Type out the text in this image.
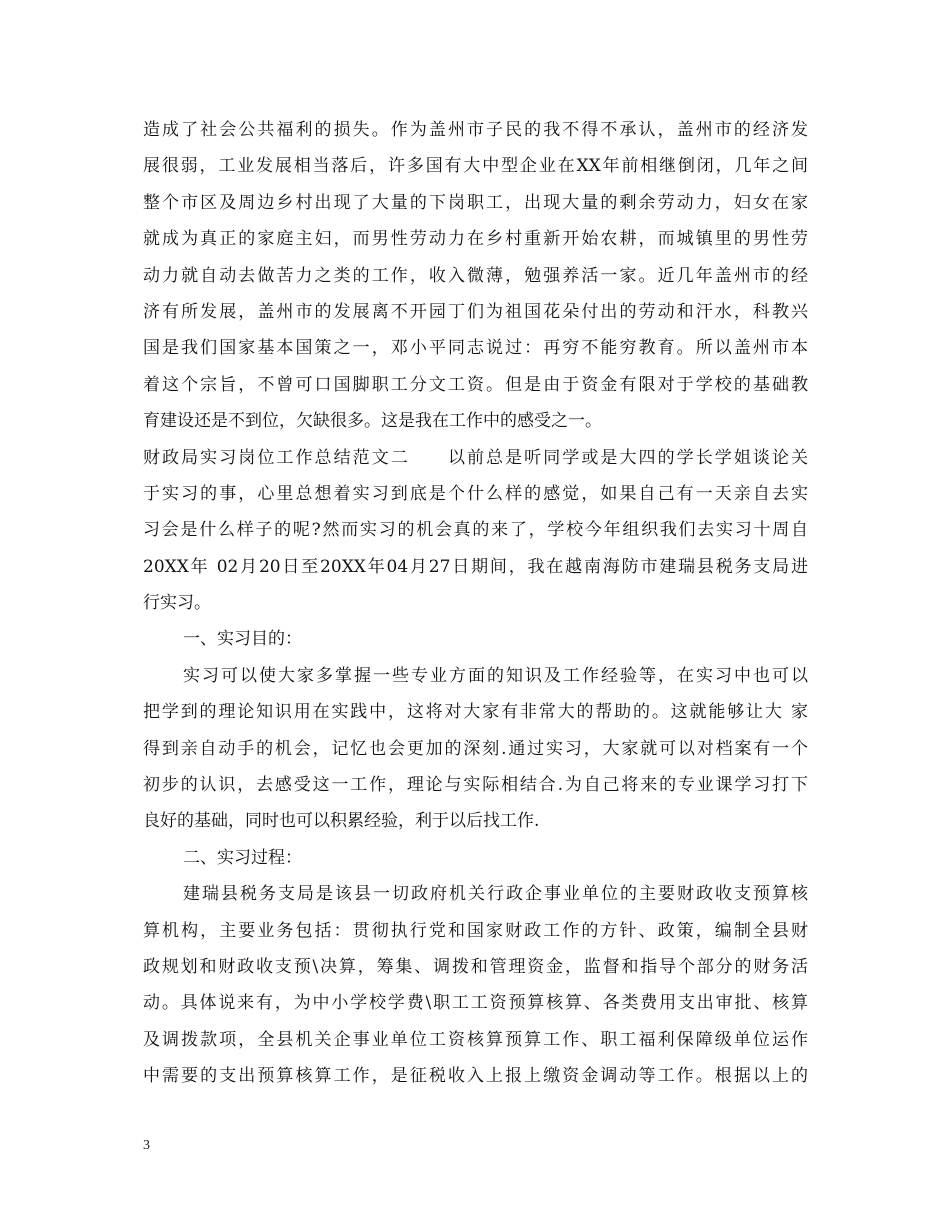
造成了社会公共福利的损失。作为盖州市子民的我不得不承认，盖州市的经济发
展很弱，工业发展相当落后，许多国有大中型企业在XX年前相继倒闭，几年之间
整个市区及周边乡村出现了大量的下岗职工，出现大量的剩余劳动力，妇女在家
就成为真正的家庭主妇，而男性劳动力在乡村重新开始农耕，而城镇里的男性劳
动力就自动去做苦力之类的工作，收入微薄，勉强养活一家。近几年盖州市的经
济有所发展，盖州市的发展离不开园丁们为祖国花朵付出的劳动和汗水，科教兴
国是我们国家基本国策之一，邓小平同志说过：再穷不能穷教育。所以盖州市本
着这个宗旨，不曾可口国脚职工分文工资。但是由于资金有限对于学校的基础教
育建设还是不到位，欠缺很多。这是我在工作中的感受之一。
财政局实习岗位工作总结范文二　　以前总是听同学或是大四的学长学姐谈论关
于实习的事，心里总想着实习到底是个什么样的感觉，如果自己有一天亲自去实
习会是什么样子的呢?然而实习的机会真的来了，学校今年组织我们去实习十周自
20XX年 02月20日至20XX年04月27日期间，我在越南海防市建瑞县税务支局进
行实习。
一、实习目的：
实习可以使大家多掌握一些专业方面的知识及工作经验等，在实习中也可以
把学到的理论知识用在实践中，这将对大家有非常大的帮助的。这就能够让大 家
得到亲自动手的机会，记忆也会更加的深刻.通过实习，大家就可以对档案有一个
初步的认识，去感受这一工作，理论与实际相结合.为自己将来的专业课学习打下
良好的基础，同时也可以积累经验，利于以后找工作.
二、实习过程：
建瑞县税务支局是该县一切政府机关行政企事业单位的主要财政收支预算核
算机构，主要业务包括：贯彻执行党和国家财政工作的方针、政策，编制全县财
政规划和财政收支预\决算，筹集、调拨和管理资金，监督和指导个部分的财务活
动。具体说来有，为中小学校学费\职工工资预算核算、各类费用支出审批、核算
及调拨款项，全县机关企事业单位工资核算预算工作、职工福利保障级单位运作
中需要的支出预算核算工作，是征税收入上报上缴资金调动等工作。根据以上的
3
